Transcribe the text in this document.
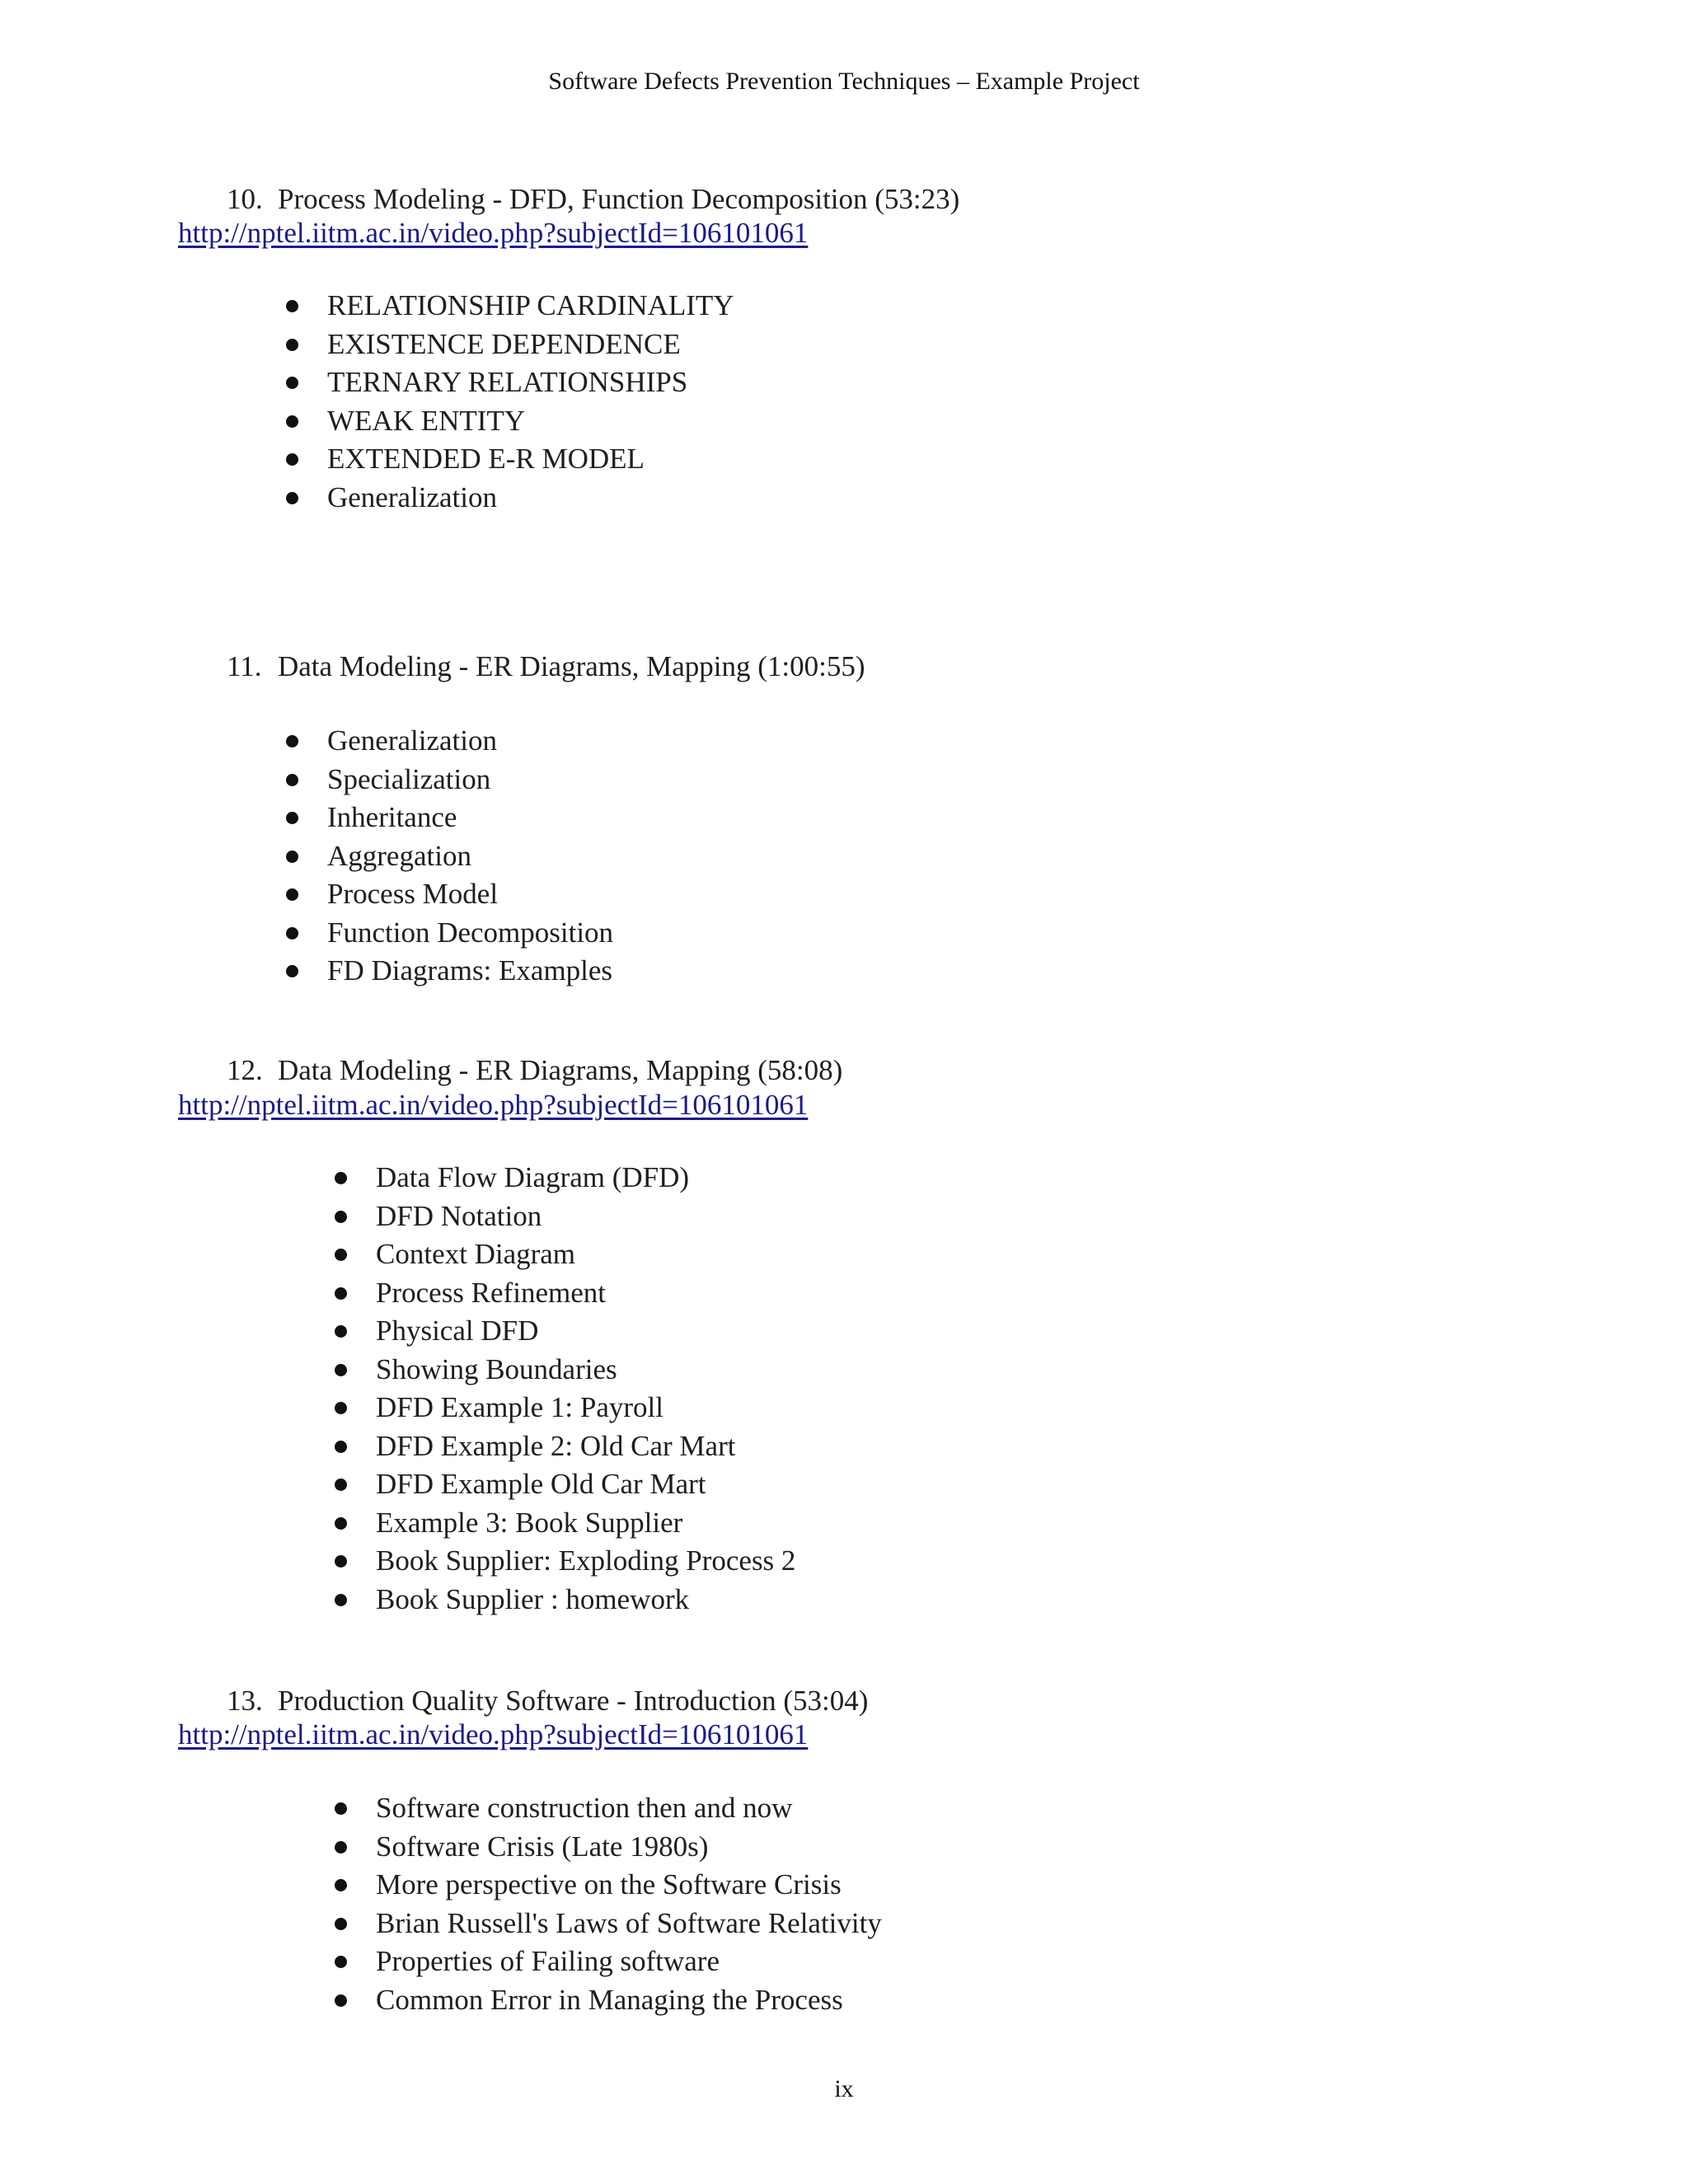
Software Defects Prevention Techniques – Example Project
10. Process Modeling - DFD, Function Decomposition (53:23)
http://nptel.iitm.ac.in/video.php?subjectId=106101061
RELATIONSHIP CARDINALITY
EXISTENCE DEPENDENCE
TERNARY RELATIONSHIPS
WEAK ENTITY
EXTENDED E-R MODEL
Generalization
11. Data Modeling - ER Diagrams, Mapping (1:00:55)
Generalization
Specialization
Inheritance
Aggregation
Process Model
Function Decomposition
FD Diagrams: Examples
12. Data Modeling - ER Diagrams, Mapping (58:08)
http://nptel.iitm.ac.in/video.php?subjectId=106101061
Data Flow Diagram (DFD)
DFD Notation
Context Diagram
Process Refinement
Physical DFD
Showing Boundaries
DFD Example 1: Payroll
DFD Example 2: Old Car Mart
DFD Example Old Car Mart
Example 3: Book Supplier
Book Supplier: Exploding Process 2
Book Supplier : homework
13. Production Quality Software - Introduction (53:04)
http://nptel.iitm.ac.in/video.php?subjectId=106101061
Software construction then and now
Software Crisis (Late 1980s)
More perspective on the Software Crisis
Brian Russell's Laws of Software Relativity
Properties of Failing software
Common Error in Managing the Process
ix
